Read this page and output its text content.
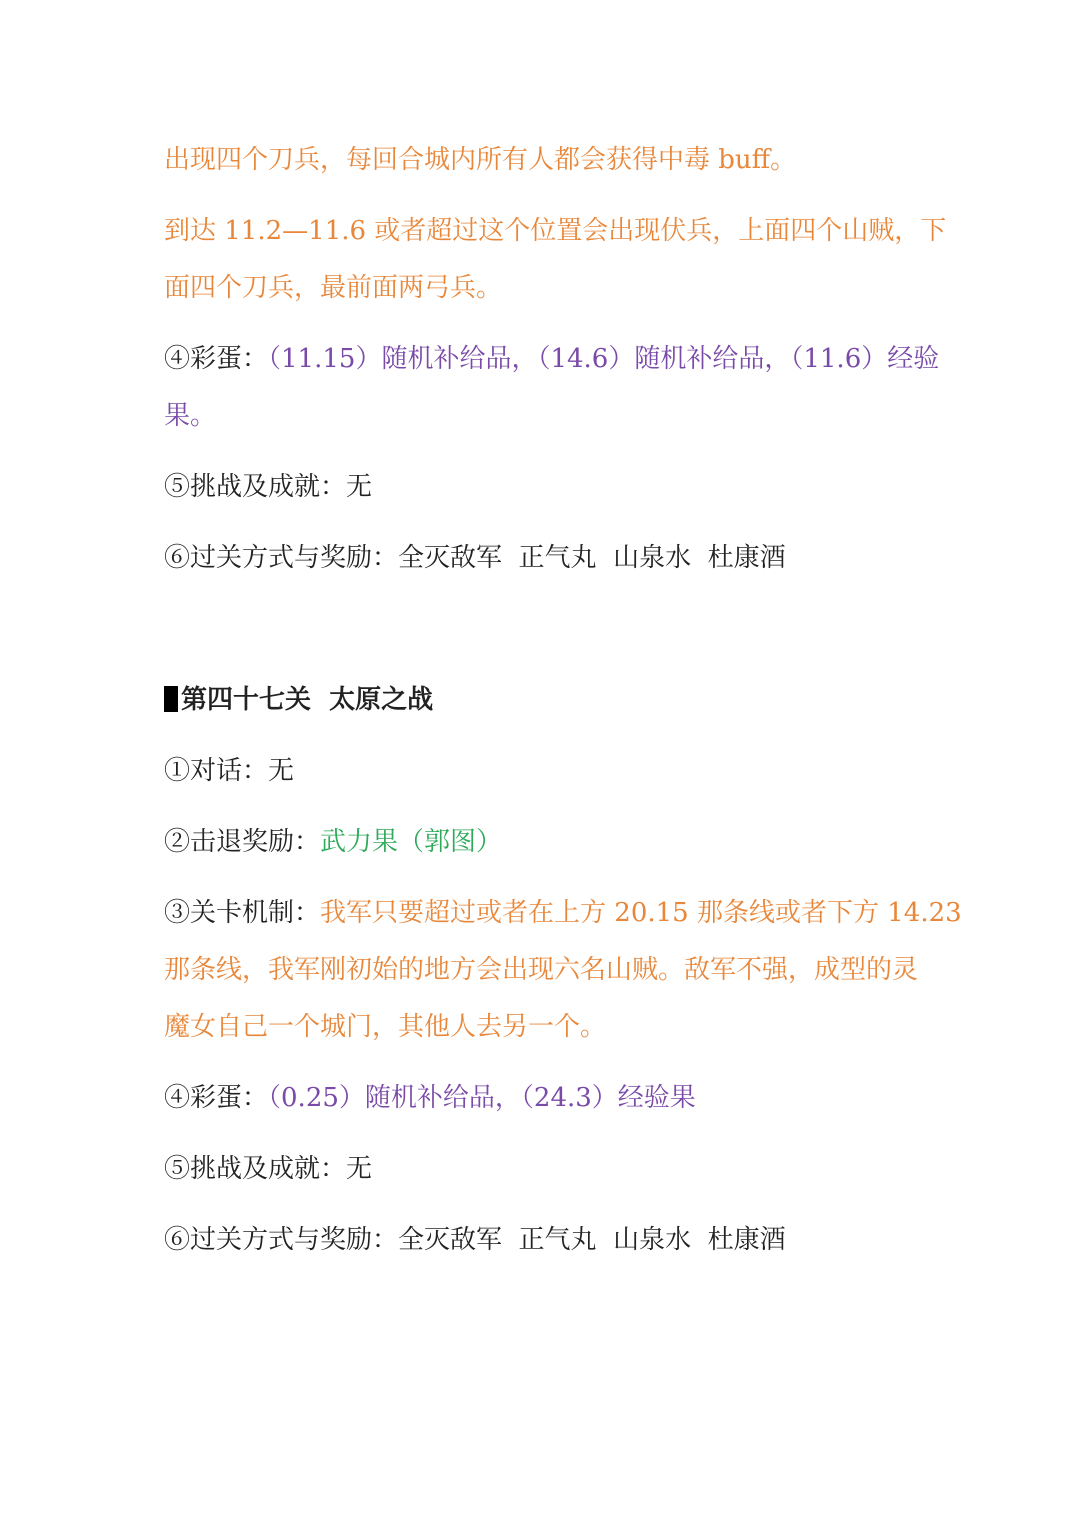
出现四个刀兵，每回合城内所有人都会获得中毒 buff。
到达 11.2—11.6 或者超过这个位置会出现伏兵，上面四个山贼，下
面四个刀兵，最前面两弓兵。
④彩蛋：（11.15）随机补给品，（14.6）随机补给品，（11.6）经验
果。
⑤挑战及成就：无
⑥过关方式与奖励：全灭敌军  正气丸  山泉水  杜康酒
第四十七关  太原之战
①对话：无
②击退奖励：武力果（郭图）
③关卡机制：我军只要超过或者在上方 20.15 那条线或者下方 14.23
那条线，我军刚初始的地方会出现六名山贼。敌军不强，成型的灵
魔女自己一个城门，其他人去另一个。
④彩蛋：（0.25）随机补给品，（24.3）经验果
⑤挑战及成就：无
⑥过关方式与奖励：全灭敌军  正气丸  山泉水  杜康酒
